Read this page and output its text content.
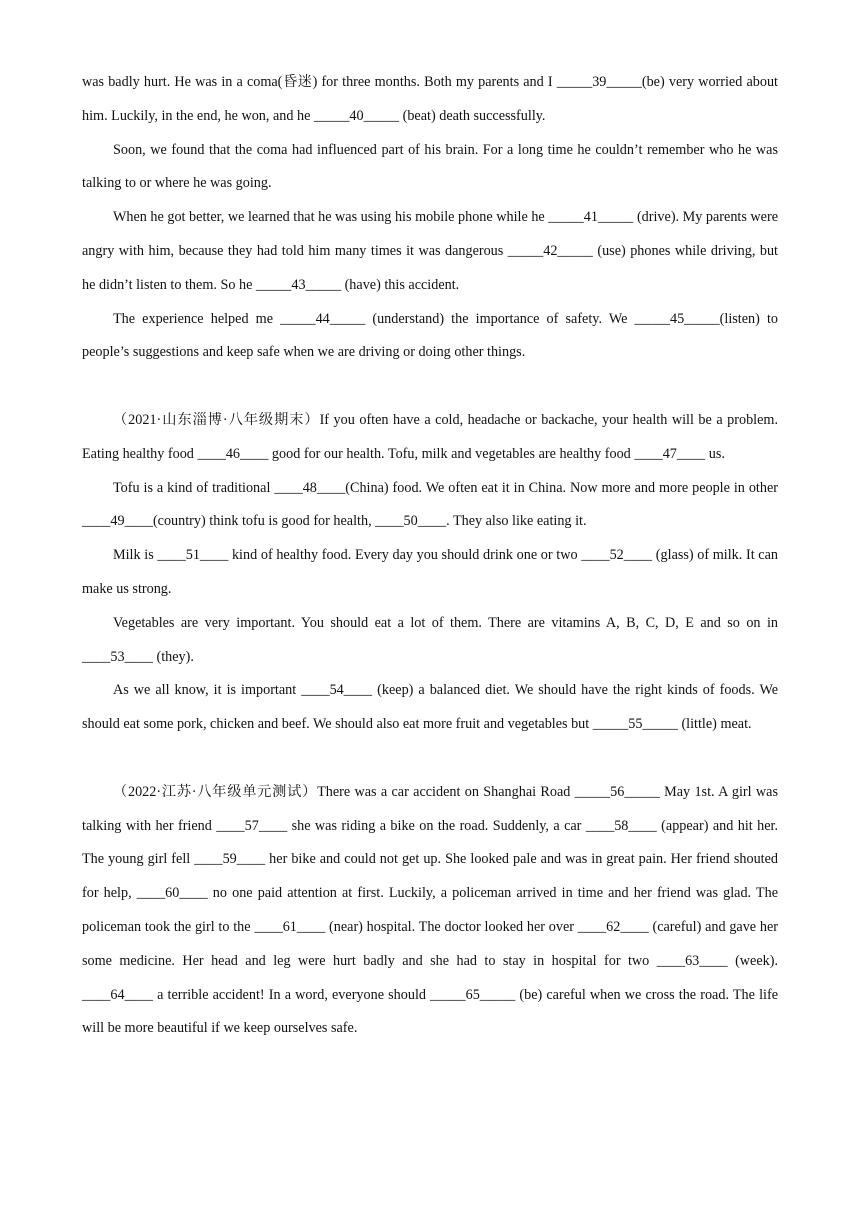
was badly hurt. He was in a coma(昏迷) for three months. Both my parents and I _____39_____(be) very worried about him. Luckily, in the end, he won, and he _____40_____ (beat) death successfully.

Soon, we found that the coma had influenced part of his brain. For a long time he couldn’t remember who he was talking to or where he was going.

When he got better, we learned that he was using his mobile phone while he _____41_____ (drive). My parents were angry with him, because they had told him many times it was dangerous _____42_____ (use) phones while driving, but he didn’t listen to them. So he _____43_____ (have) this accident.

The experience helped me _____44_____ (understand) the importance of safety. We _____45_____(listen) to people’s suggestions and keep safe when we are driving or doing other things.

（2021·山东淄博·八年级期末）If you often have a cold, headache or backache, your health will be a problem. Eating healthy food ____46____ good for our health. Tofu, milk and vegetables are healthy food ____47____ us.

Tofu is a kind of traditional ____48____(China) food. We often eat it in China. Now more and more people in other ____49____(country) think tofu is good for health, ____50____. They also like eating it.

Milk is ____51____ kind of healthy food. Every day you should drink one or two ____52____ (glass) of milk. It can make us strong.

Vegetables are very important. You should eat a lot of them. There are vitamins A, B, C, D, E and so on in ____53____ (they).

As we all know, it is important ____54____ (keep) a balanced diet. We should have the right kinds of foods. We should eat some pork, chicken and beef. We should also eat more fruit and vegetables but _____55_____ (little) meat.

（2022·江苏·八年级单元测试）There was a car accident on Shanghai Road _____56_____ May 1st. A girl was talking with her friend ____57____ she was riding a bike on the road. Suddenly, a car ____58____ (appear) and hit her. The young girl fell ____59____ her bike and could not get up. She looked pale and was in great pain. Her friend shouted for help, ____60____ no one paid attention at first. Luckily, a policeman arrived in time and her friend was glad. The policeman took the girl to the ____61____ (near) hospital. The doctor looked her over ____62____ (careful) and gave her some medicine. Her head and leg were hurt badly and she had to stay in hospital for two ____63____ (week). ____64____ a terrible accident! In a word, everyone should _____65_____ (be) careful when we cross the road. The life will be more beautiful if we keep ourselves safe.
